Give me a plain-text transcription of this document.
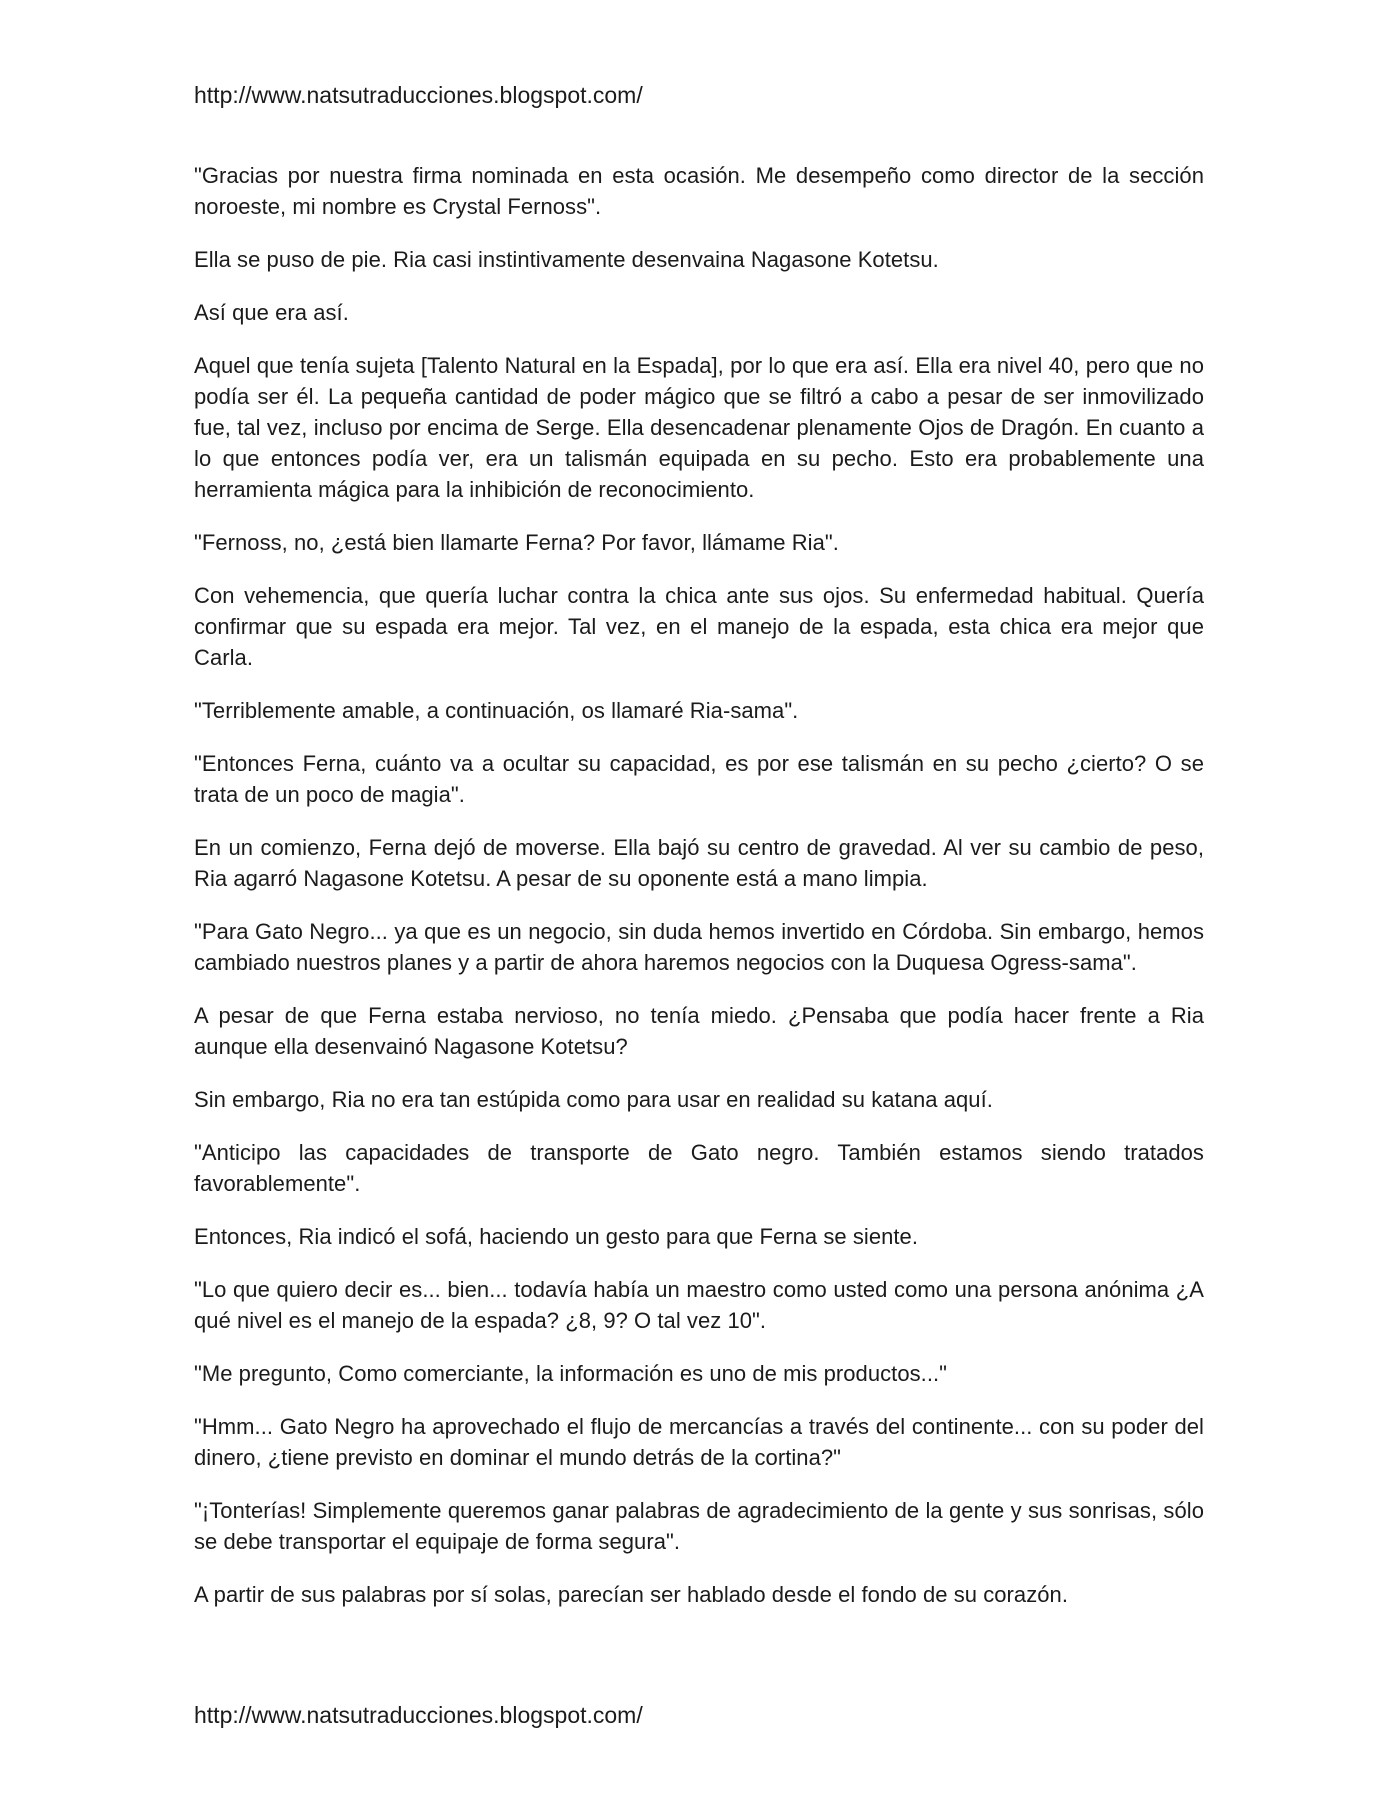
http://www.natsutraducciones.blogspot.com/

"Gracias por nuestra firma nominada en esta ocasión. Me desempeño como director de la sección noroeste, mi nombre es Crystal Fernoss".

Ella se puso de pie. Ria casi instintivamente desenvaina Nagasone Kotetsu.

Así que era así.

Aquel que tenía sujeta [Talento Natural en la Espada], por lo que era así. Ella era nivel 40, pero que no podía ser él. La pequeña cantidad de poder mágico que se filtró a cabo a pesar de ser inmovilizado fue, tal vez, incluso por encima de Serge. Ella desencadenar plenamente Ojos de Dragón. En cuanto a lo que entonces podía ver, era un talismán equipada en su pecho. Esto era probablemente una herramienta mágica para la inhibición de reconocimiento.

"Fernoss, no, ¿está bien llamarte Ferna? Por favor, llámame Ria".

Con vehemencia, que quería luchar contra la chica ante sus ojos. Su enfermedad habitual. Quería confirmar que su espada era mejor. Tal vez, en el manejo de la espada, esta chica era mejor que Carla.

"Terriblemente amable, a continuación, os llamaré Ria-sama".

"Entonces Ferna, cuánto va a ocultar su capacidad, es por ese talismán en su pecho ¿cierto? O se trata de un poco de magia".

En un comienzo, Ferna dejó de moverse. Ella bajó su centro de gravedad. Al ver su cambio de peso, Ria agarró Nagasone Kotetsu. A pesar de su oponente está a mano limpia.

"Para Gato Negro... ya que es un negocio, sin duda hemos invertido en Córdoba. Sin embargo, hemos cambiado nuestros planes y a partir de ahora haremos negocios con la Duquesa Ogress-sama".

A pesar de que Ferna estaba nervioso, no tenía miedo. ¿Pensaba que podía hacer frente a Ria aunque ella desenvainó Nagasone Kotetsu?

Sin embargo, Ria no era tan estúpida como para usar en realidad su katana aquí.

"Anticipo las capacidades de transporte de Gato negro. También estamos siendo tratados favorablemente".

Entonces, Ria indicó el sofá, haciendo un gesto para que Ferna se siente.

"Lo que quiero decir es... bien... todavía había un maestro como usted como una persona anónima ¿A qué nivel es el manejo de la espada? ¿8, 9? O tal vez 10".

"Me pregunto, Como comerciante, la información es uno de mis productos..."

"Hmm... Gato Negro ha aprovechado el flujo de mercancías a través del continente... con su poder del dinero, ¿tiene previsto en dominar el mundo detrás de la cortina?"

"¡Tonterías! Simplemente queremos ganar palabras de agradecimiento de la gente y sus sonrisas, sólo se debe transportar el equipaje de forma segura".

A partir de sus palabras por sí solas, parecían ser hablado desde el fondo de su corazón.

http://www.natsutraducciones.blogspot.com/
